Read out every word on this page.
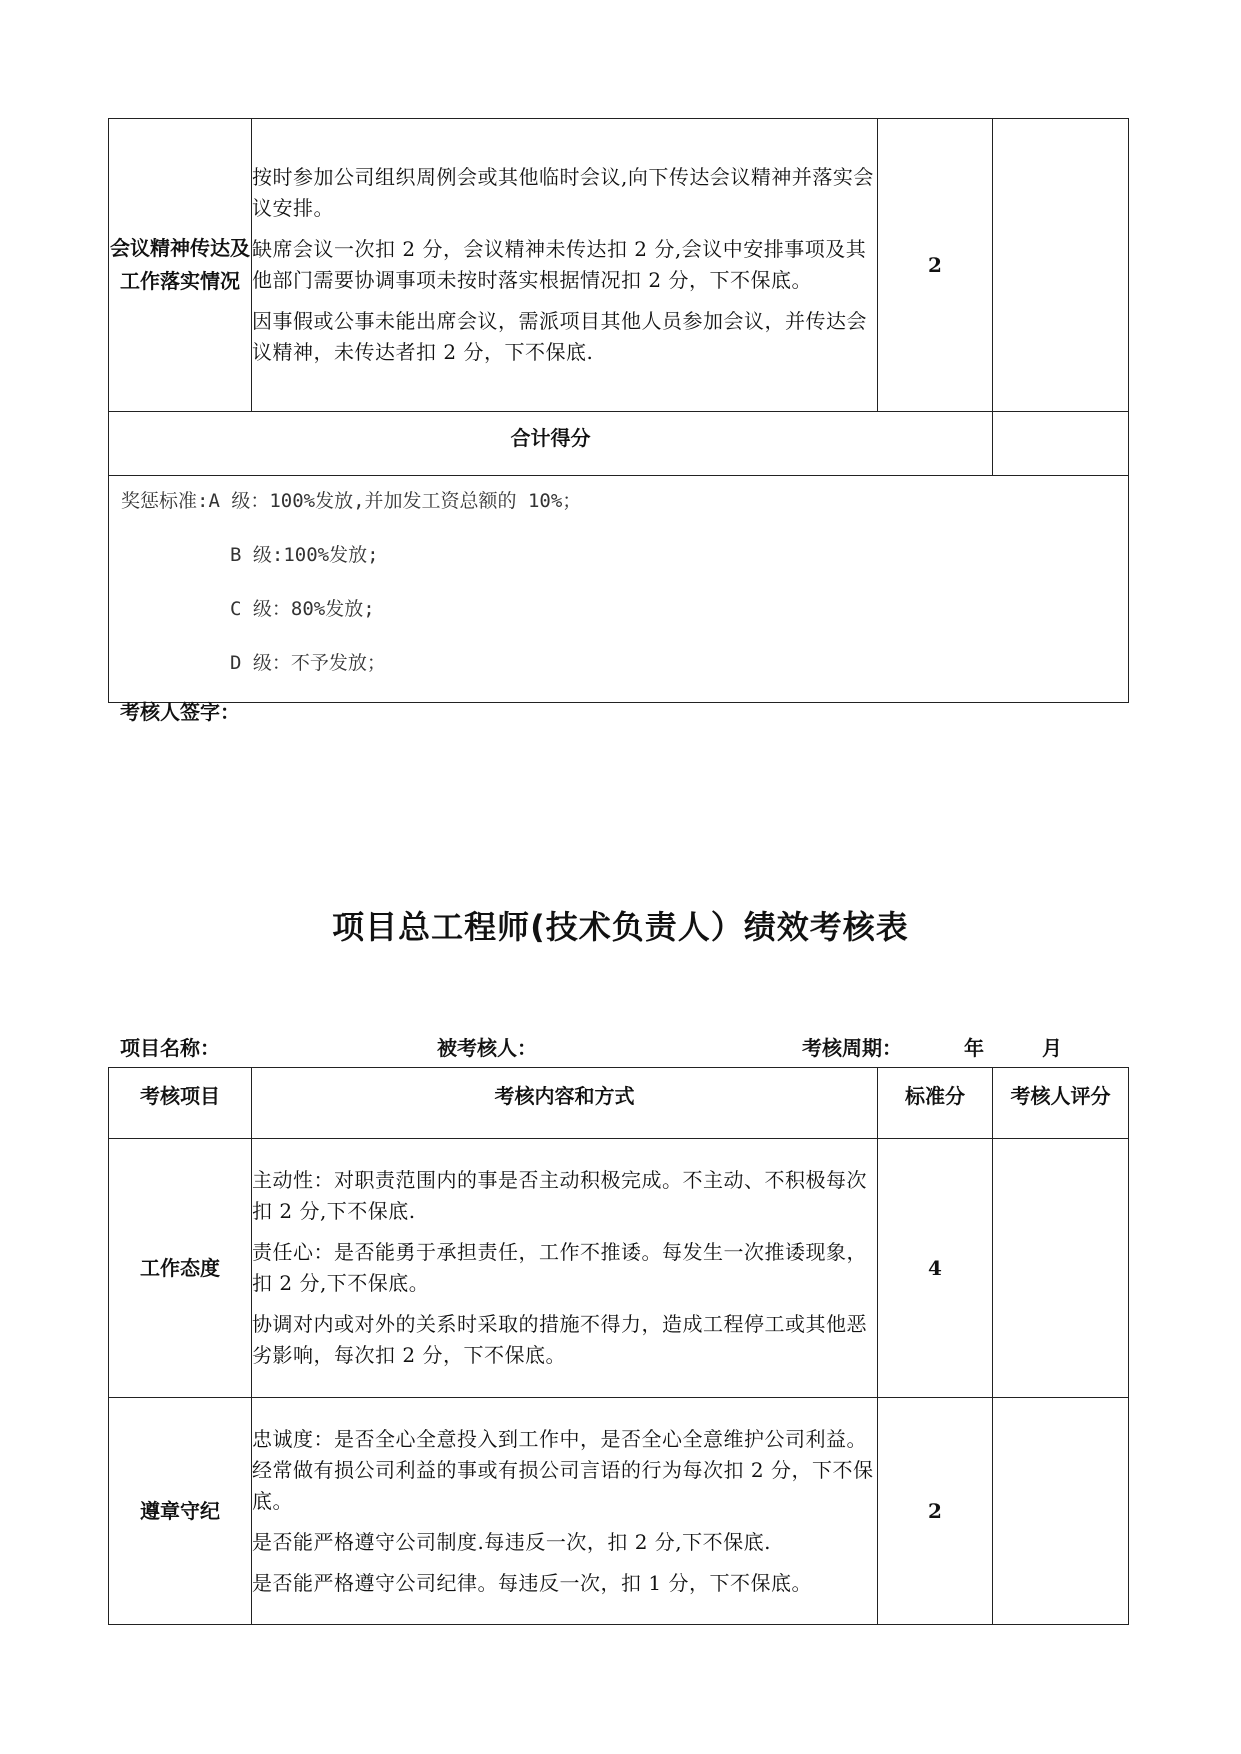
会议精神传达及工作落实情况	按时参加公司组织周例会或其他临时会议,向下传达会议精神并落实会议安排。

缺席会议一次扣 2 分，会议精神未传达扣 2 分,会议中安排事项及其他部门需要协调事项未按时落实根据情况扣 2 分，下不保底。

因事假或公事未能出席会议，需派项目其他人员参加会议，并传达会议精神，未传达者扣 2 分，下不保底.	2	
合计得分			

奖惩标准:A 级：100%发放,并加发工资总额的 10%；
B 级:100%发放;
C 级：80%发放;
D 级：不予发放；			
考核人签字：
项目总工程师(技术负责人）绩效考核表
项目名称：	被考核人：	考核周期：	年	月
考核项目	考核内容和方式	标准分	考核人评分
工作态度	主动性：对职责范围内的事是否主动积极完成。不主动、不积极每次扣 2 分,下不保底.

责任心：是否能勇于承担责任，工作不推诿。每发生一次推诿现象，扣 2 分,下不保底。

协调对内或对外的关系时采取的措施不得力，造成工程停工或其他恶劣影响，每次扣 2 分，下不保底。	4	
遵章守纪	忠诚度：是否全心全意投入到工作中，是否全心全意维护公司利益。经常做有损公司利益的事或有损公司言语的行为每次扣 2 分，下不保底。

是否能严格遵守公司制度.每违反一次，扣 2 分,下不保底.

是否能严格遵守公司纪律。每违反一次，扣 1 分，下不保底。	2	
